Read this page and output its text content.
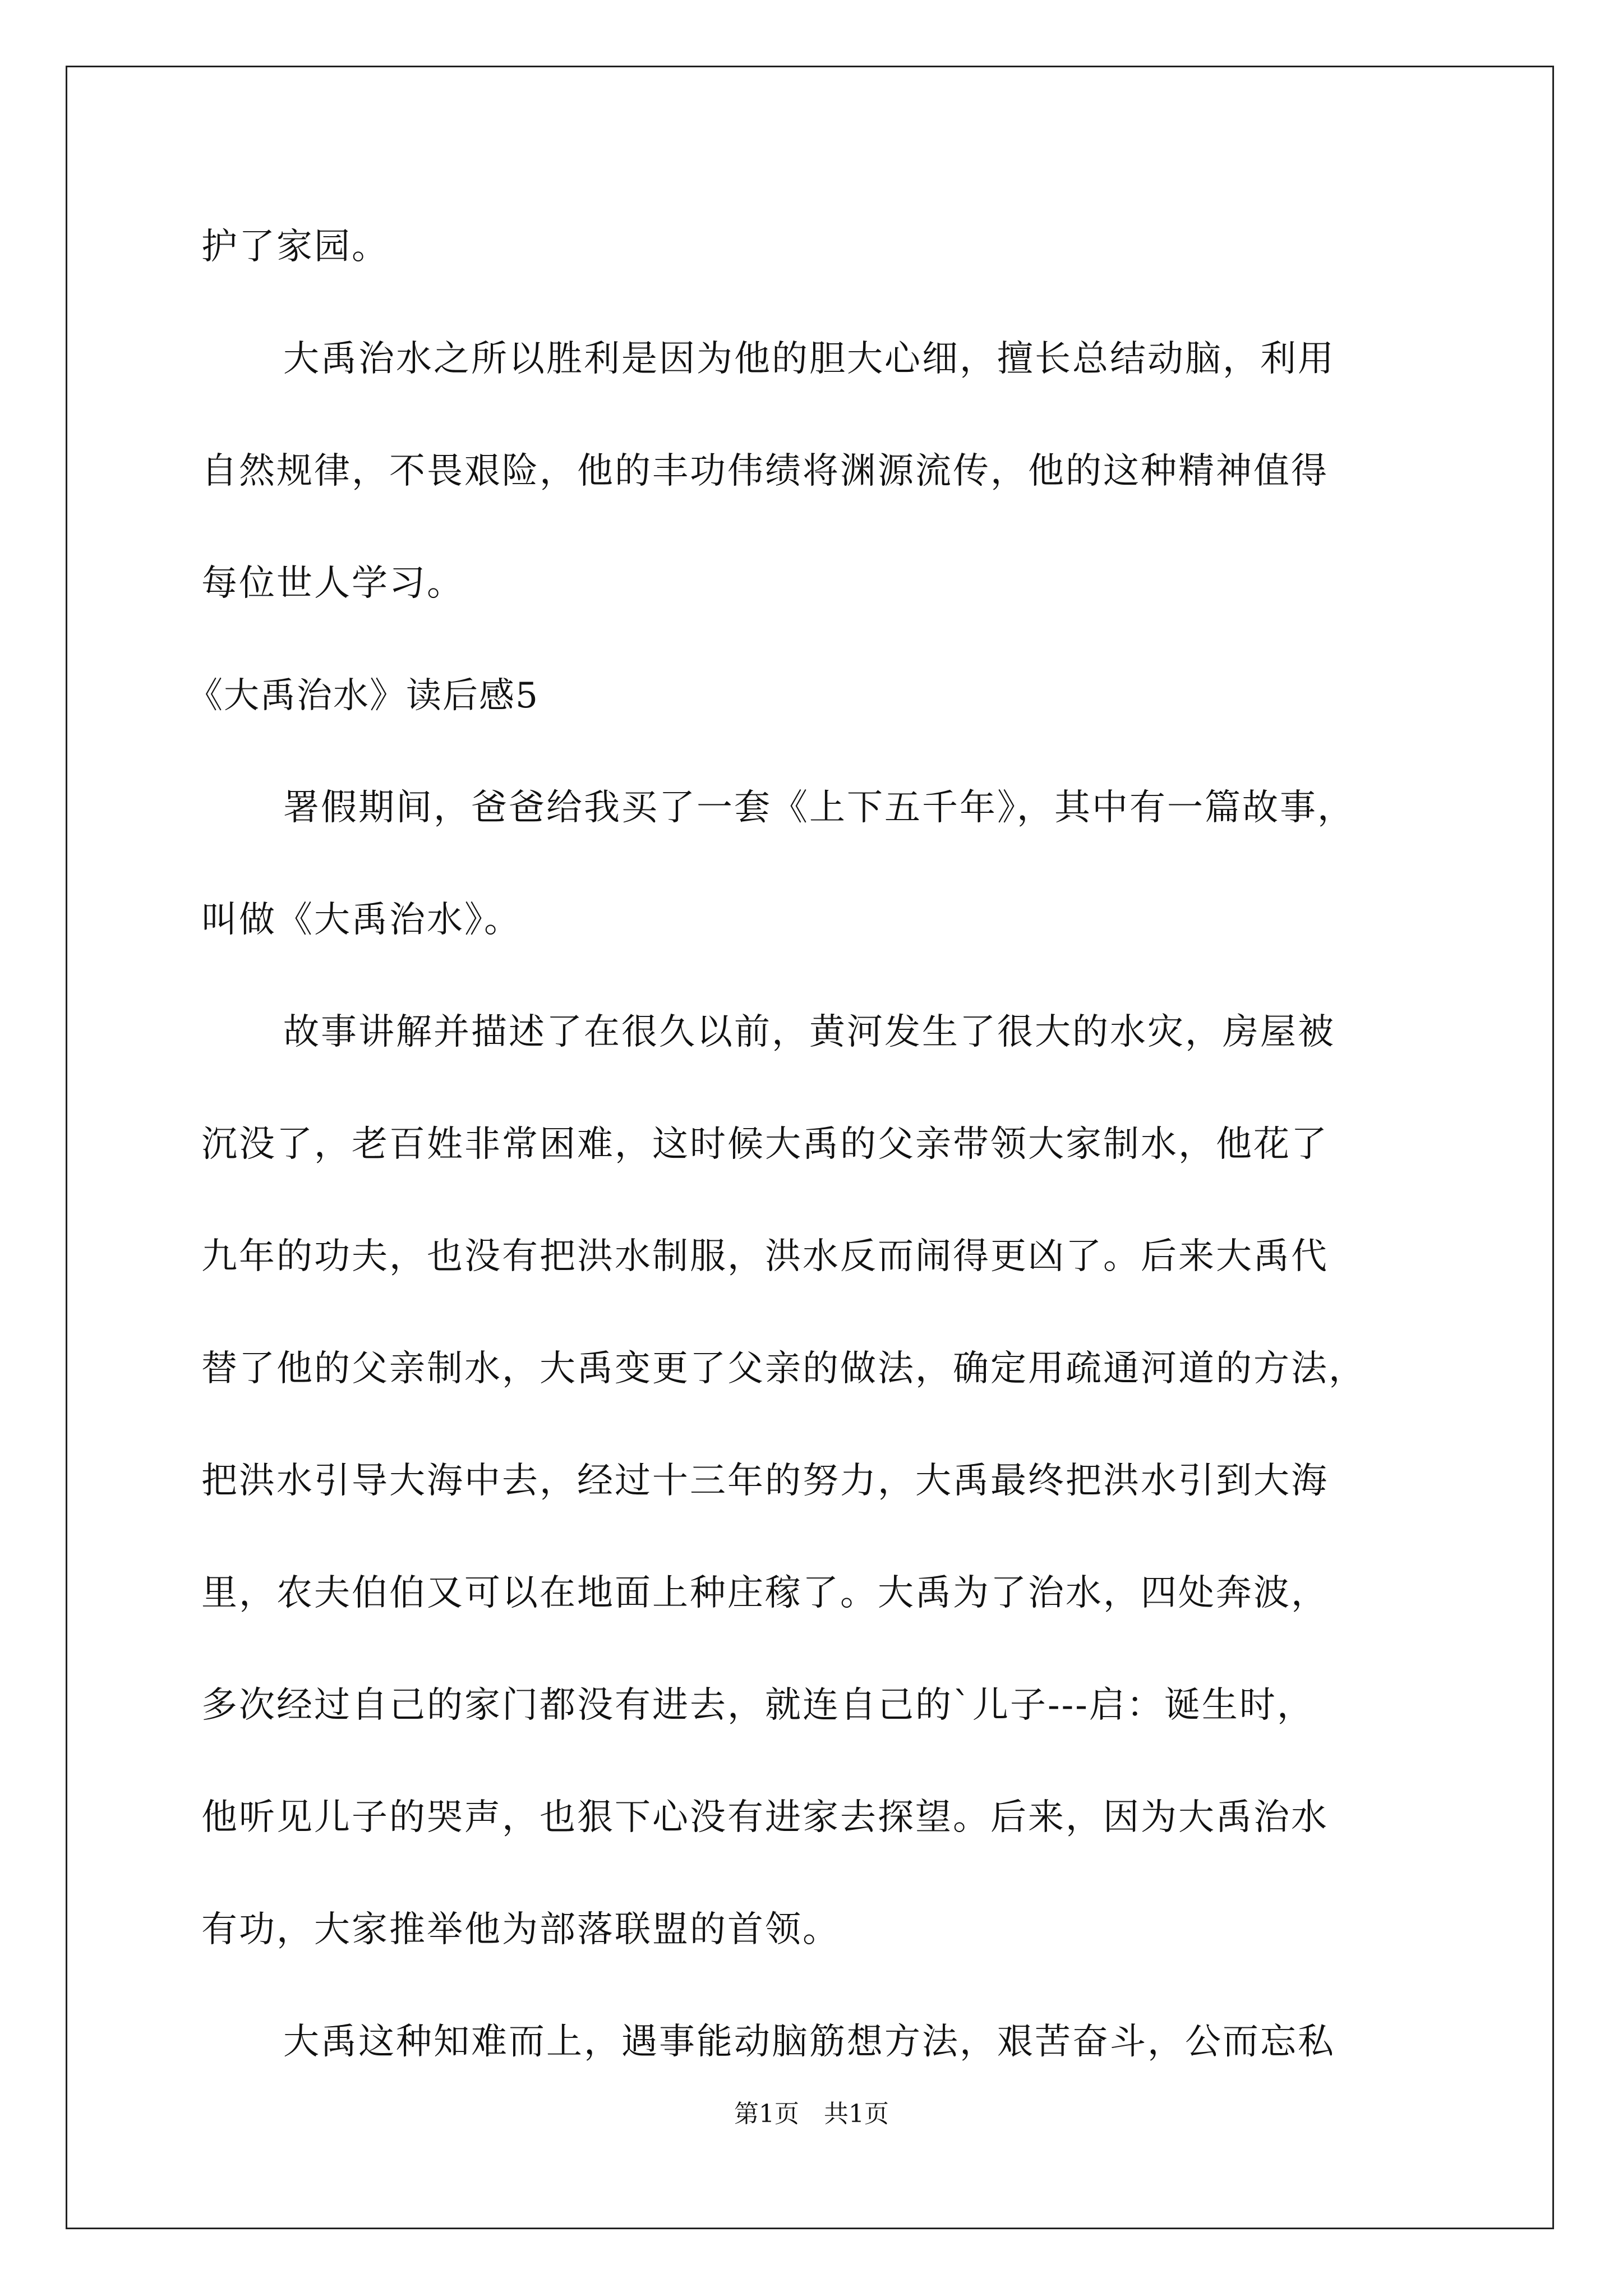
护了家园。
大禹治水之所以胜利是因为他的胆大心细，擅长总结动脑，利用
自然规律，不畏艰险，他的丰功伟绩将渊源流传，他的这种精神值得
每位世人学习。
《大禹治水》读后感5
署假期间，爸爸给我买了一套《上下五千年》，其中有一篇故事，
叫做《大禹治水》。
故事讲解并描述了在很久以前，黄河发生了很大的水灾，房屋被
沉没了，老百姓非常困难，这时候大禹的父亲带领大家制水，他花了
九年的功夫，也没有把洪水制服，洪水反而闹得更凶了。后来大禹代
替了他的父亲制水，大禹变更了父亲的做法，确定用疏通河道的方法，
把洪水引导大海中去，经过十三年的努力，大禹最终把洪水引到大海
里，农夫伯伯又可以在地面上种庄稼了。大禹为了治水，四处奔波，
多次经过自己的家门都没有进去，就连自己的`儿子---启：诞生时，
他听见儿子的哭声，也狠下心没有进家去探望。后来，因为大禹治水
有功，大家推举他为部落联盟的首领。
大禹这种知难而上，遇事能动脑筋想方法，艰苦奋斗，公而忘私
第1页　共1页
